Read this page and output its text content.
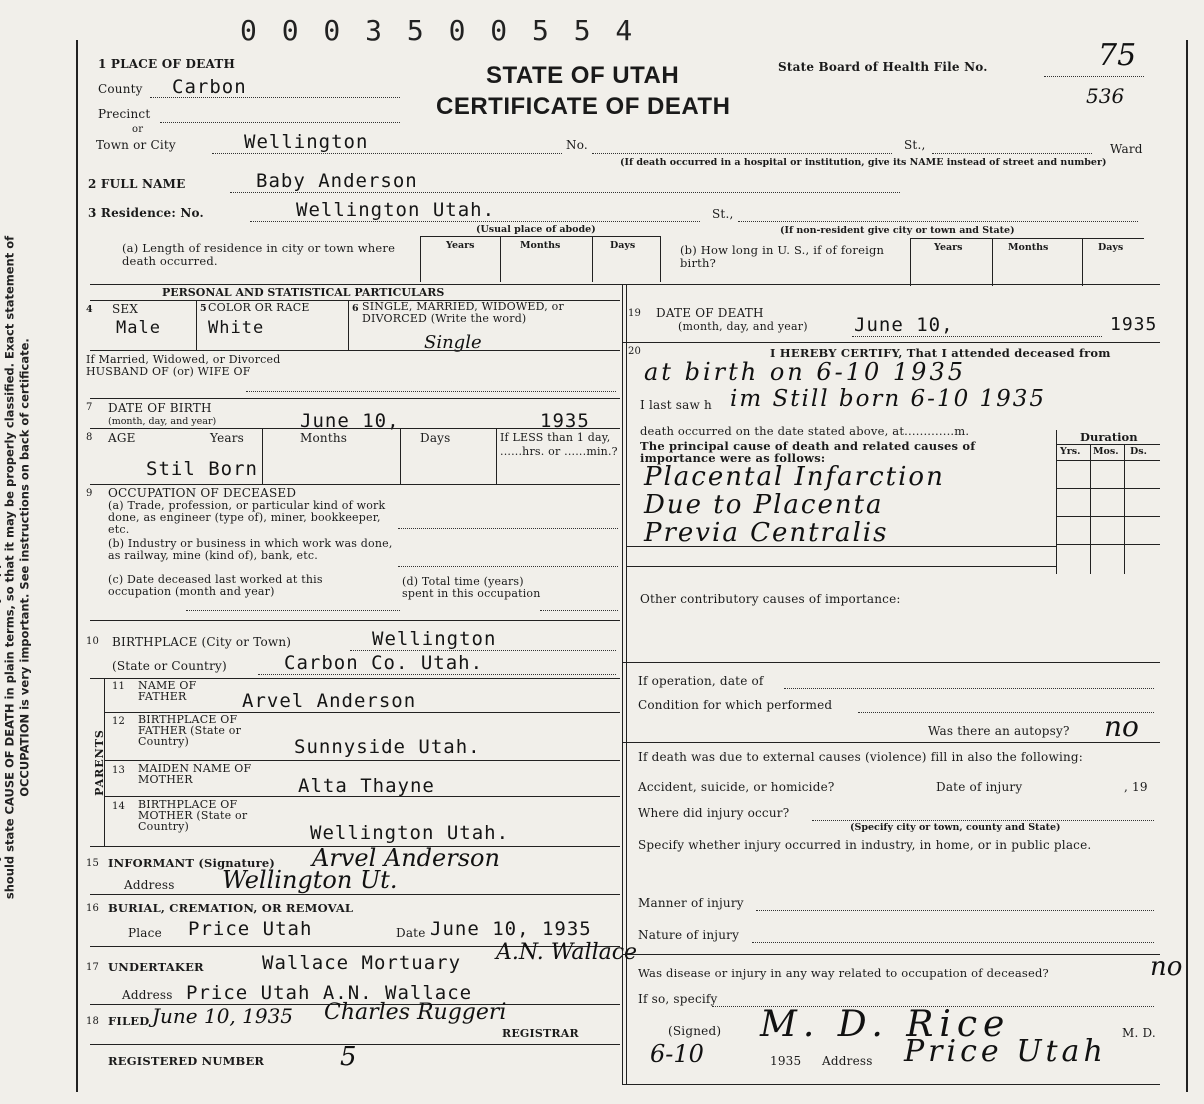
0 0 0 3 5 0 0 5 5 4
should state CAUSE OF DEATH in plain terms, so that it may be properly classified. Exact statement of OCCUPATION is very important. See instructions on back of certificate.
STATE OF UTAH
CERTIFICATE OF DEATH
State Board of Health File No.	75
536
1 PLACE OF DEATH
County Carbon
Precinct
or
Town or City	Wellington	No.	St.,	Ward
(If death occurred in a hospital or institution, give its NAME instead of street and number)
2 FULL NAME	Baby Anderson
3 Residence: No.	Wellington Utah.	St.,
(Usual place of abode)	(If non-resident give city or town and State)
(a) Length of residence in city or town where death occurred.
Years	Months	Days	(b) How long in U. S., if of foreign birth?
Years	Months	Days
PERSONAL AND STATISTICAL PARTICULARS
4 SEX
Male
5 COLOR OR RACE
White
6 SINGLE, MARRIED, WIDOWED, or DIVORCED (Write the word)
Single
If Married, Widowed, or Divorced HUSBAND OF (or) WIFE OF
7 DATE OF BIRTH
(month, day, and year)	June 10,	1935
8 AGE	Years	Months	Days	If LESS than 1 day, ......hrs. or ......min.?
Stil Born
9 OCCUPATION OF DECEASED
(a) Trade, profession, or particular kind of work done, as engineer (type of), miner, bookkeeper, etc.
(b) Industry or business in which work was done, as railway, mine (kind of), bank, etc.
(c) Date deceased last worked at this occupation (month and year)
(d) Total time (years) spent in this occupation
10 BIRTHPLACE (City or Town)	Wellington
(State or Country)	Carbon Co. Utah.
PARENTS
11 NAME OF FATHER	Arvel Anderson
12 BIRTHPLACE OF FATHER (State or Country)	Sunnyside Utah.
13 MAIDEN NAME OF MOTHER	Alta Thayne
14 BIRTHPLACE OF MOTHER (State or Country)	Wellington Utah.
15 INFORMANT (Signature) Arvel Anderson
Address Wellington Ut.
16 BURIAL, CREMATION, OR REMOVAL
Place Price Utah	Date June 10, 1935
17 UNDERTAKER	Wallace Mortuary A.N. Wallace
Address Price Utah A.N. Wallace
18 FILED June 10, 1935 Charles Ruggeri
REGISTRAR
REGISTERED NUMBER	5
19 DATE OF DEATH
(month, day, and year) June 10,	1935
20	I HEREBY CERTIFY, That I attended deceased from
at birth on 6-10 1935
I last saw h im Still born 6-10 1935
death occurred on the date stated above, at.............m.	Duration
Yrs. Mos. Ds.
The principal cause of death and related causes of importance were as follows:
Placental Infarction
Due to Placenta
Previa Centralis
Other contributory causes of importance:
If operation, date of
Condition for which performed
Was there an autopsy? no
If death was due to external causes (violence) fill in also the following:
Accident, suicide, or homicide?	Date of injury	, 19
Where did injury occur?
(Specify city or town, county and State)
Specify whether injury occurred in industry, in home, or in public place.
Manner of injury
Nature of injury
Was disease or injury in any way related to occupation of deceased?	no
If so, specify
(Signed) M. D. Rice	M. D.
6-10	1935 Address Price Utah
